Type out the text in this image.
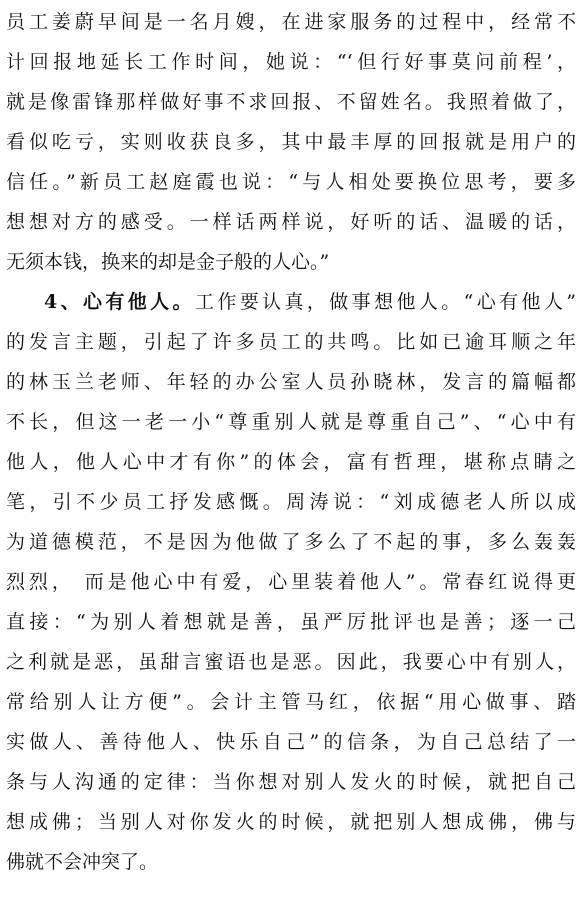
员工姜蔚早间是一名月嫂，在进家服务的过程中，经常不
计回报地延长工作时间，她说：“‘但行好事莫问前程’，
就是像雷锋那样做好事不求回报、不留姓名。我照着做了，
看似吃亏，实则收获良多，其中最丰厚的回报就是用户的
信任。”新员工赵庭霞也说：“与人相处要换位思考，要多
想想对方的感受。一样话两样说，好听的话、温暖的话，
无须本钱，换来的却是金子般的人心。”
4、心有他人。工作要认真，做事想他人。“心有他人”
的发言主题，引起了许多员工的共鸣。比如已逾耳顺之年
的林玉兰老师、年轻的办公室人员孙晓林，发言的篇幅都
不长，但这一老一小“尊重别人就是尊重自己”、“心中有
他人，他人心中才有你”的体会，富有哲理，堪称点睛之
笔，引不少员工抒发感慨。周涛说：“刘成德老人所以成
为道德模范，不是因为他做了多么了不起的事，多么轰轰
烈烈， 而是他心中有爱，心里装着他人”。常春红说得更
直接：“为别人着想就是善，虽严厉批评也是善；逐一己
之利就是恶，虽甜言蜜语也是恶。因此，我要心中有别人，
常给别人让方便”。会计主管马红，依据“用心做事、踏
实做人、善待他人、快乐自己”的信条，为自己总结了一
条与人沟通的定律：当你想对别人发火的时候，就把自己
想成佛；当别人对你发火的时候，就把别人想成佛，佛与
佛就不会冲突了。
